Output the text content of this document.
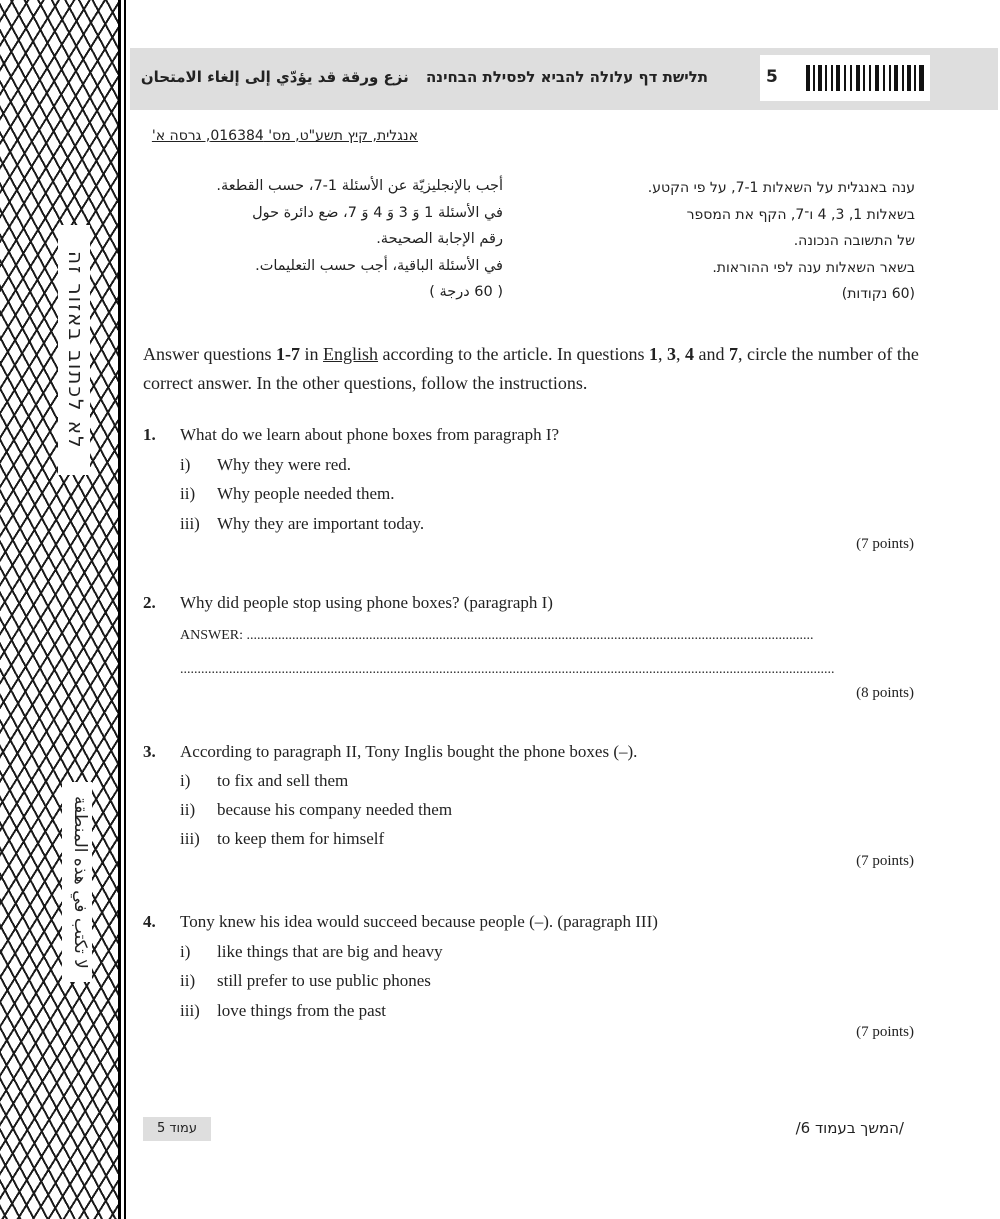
לא לכתוב באזור זה
لا تكتب في هذه المنطقة
תלישת דף עלולה להביא לפסילת הבחינה نزع ورقة قد يؤدّي إلى إلغاء الامتحان	5
אנגלית, קיץ תשע"ט, מס' 016384, גרסה א'
ענה באנגלית על השאלות 7-1, על פי הקטע.
בשאלות 1, 3, 4 ו־7, הקף את המספר
של התשובה הנכונה.
בשאר השאלות ענה לפי ההוראות.
(60 נקודות)
أجب بالإنجليزيّة عن الأسئلة 1-7، حسب القطعة.
في الأسئلة 1 وَ 3 وَ 4 وَ 7، ضع دائرة حول
رقم الإجابة الصحيحة.
في الأسئلة الباقية، أجب حسب التعليمات.
( 60 درجة )
Answer questions 1-7 in English according to the article. In questions 1, 3, 4 and 7, circle the number of the correct answer. In the other questions, follow the instructions.
1. What do we learn about phone boxes from paragraph I?
i) Why they were red.
ii) Why people needed them.
iii) Why they are important today.
(7 points)
2. Why did people stop using phone boxes? (paragraph I)
ANSWER: ..................................................................................................................................................................
...........................................................................................................................................................................................
(8 points)
3. According to paragraph II, Tony Inglis bought the phone boxes (–).
i) to fix and sell them
ii) because his company needed them
iii) to keep them for himself
(7 points)
4. Tony knew his idea would succeed because people (–). (paragraph III)
i) like things that are big and heavy
ii) still prefer to use public phones
iii) love things from the past
(7 points)
עמוד 5	/המשך בעמוד 6/
